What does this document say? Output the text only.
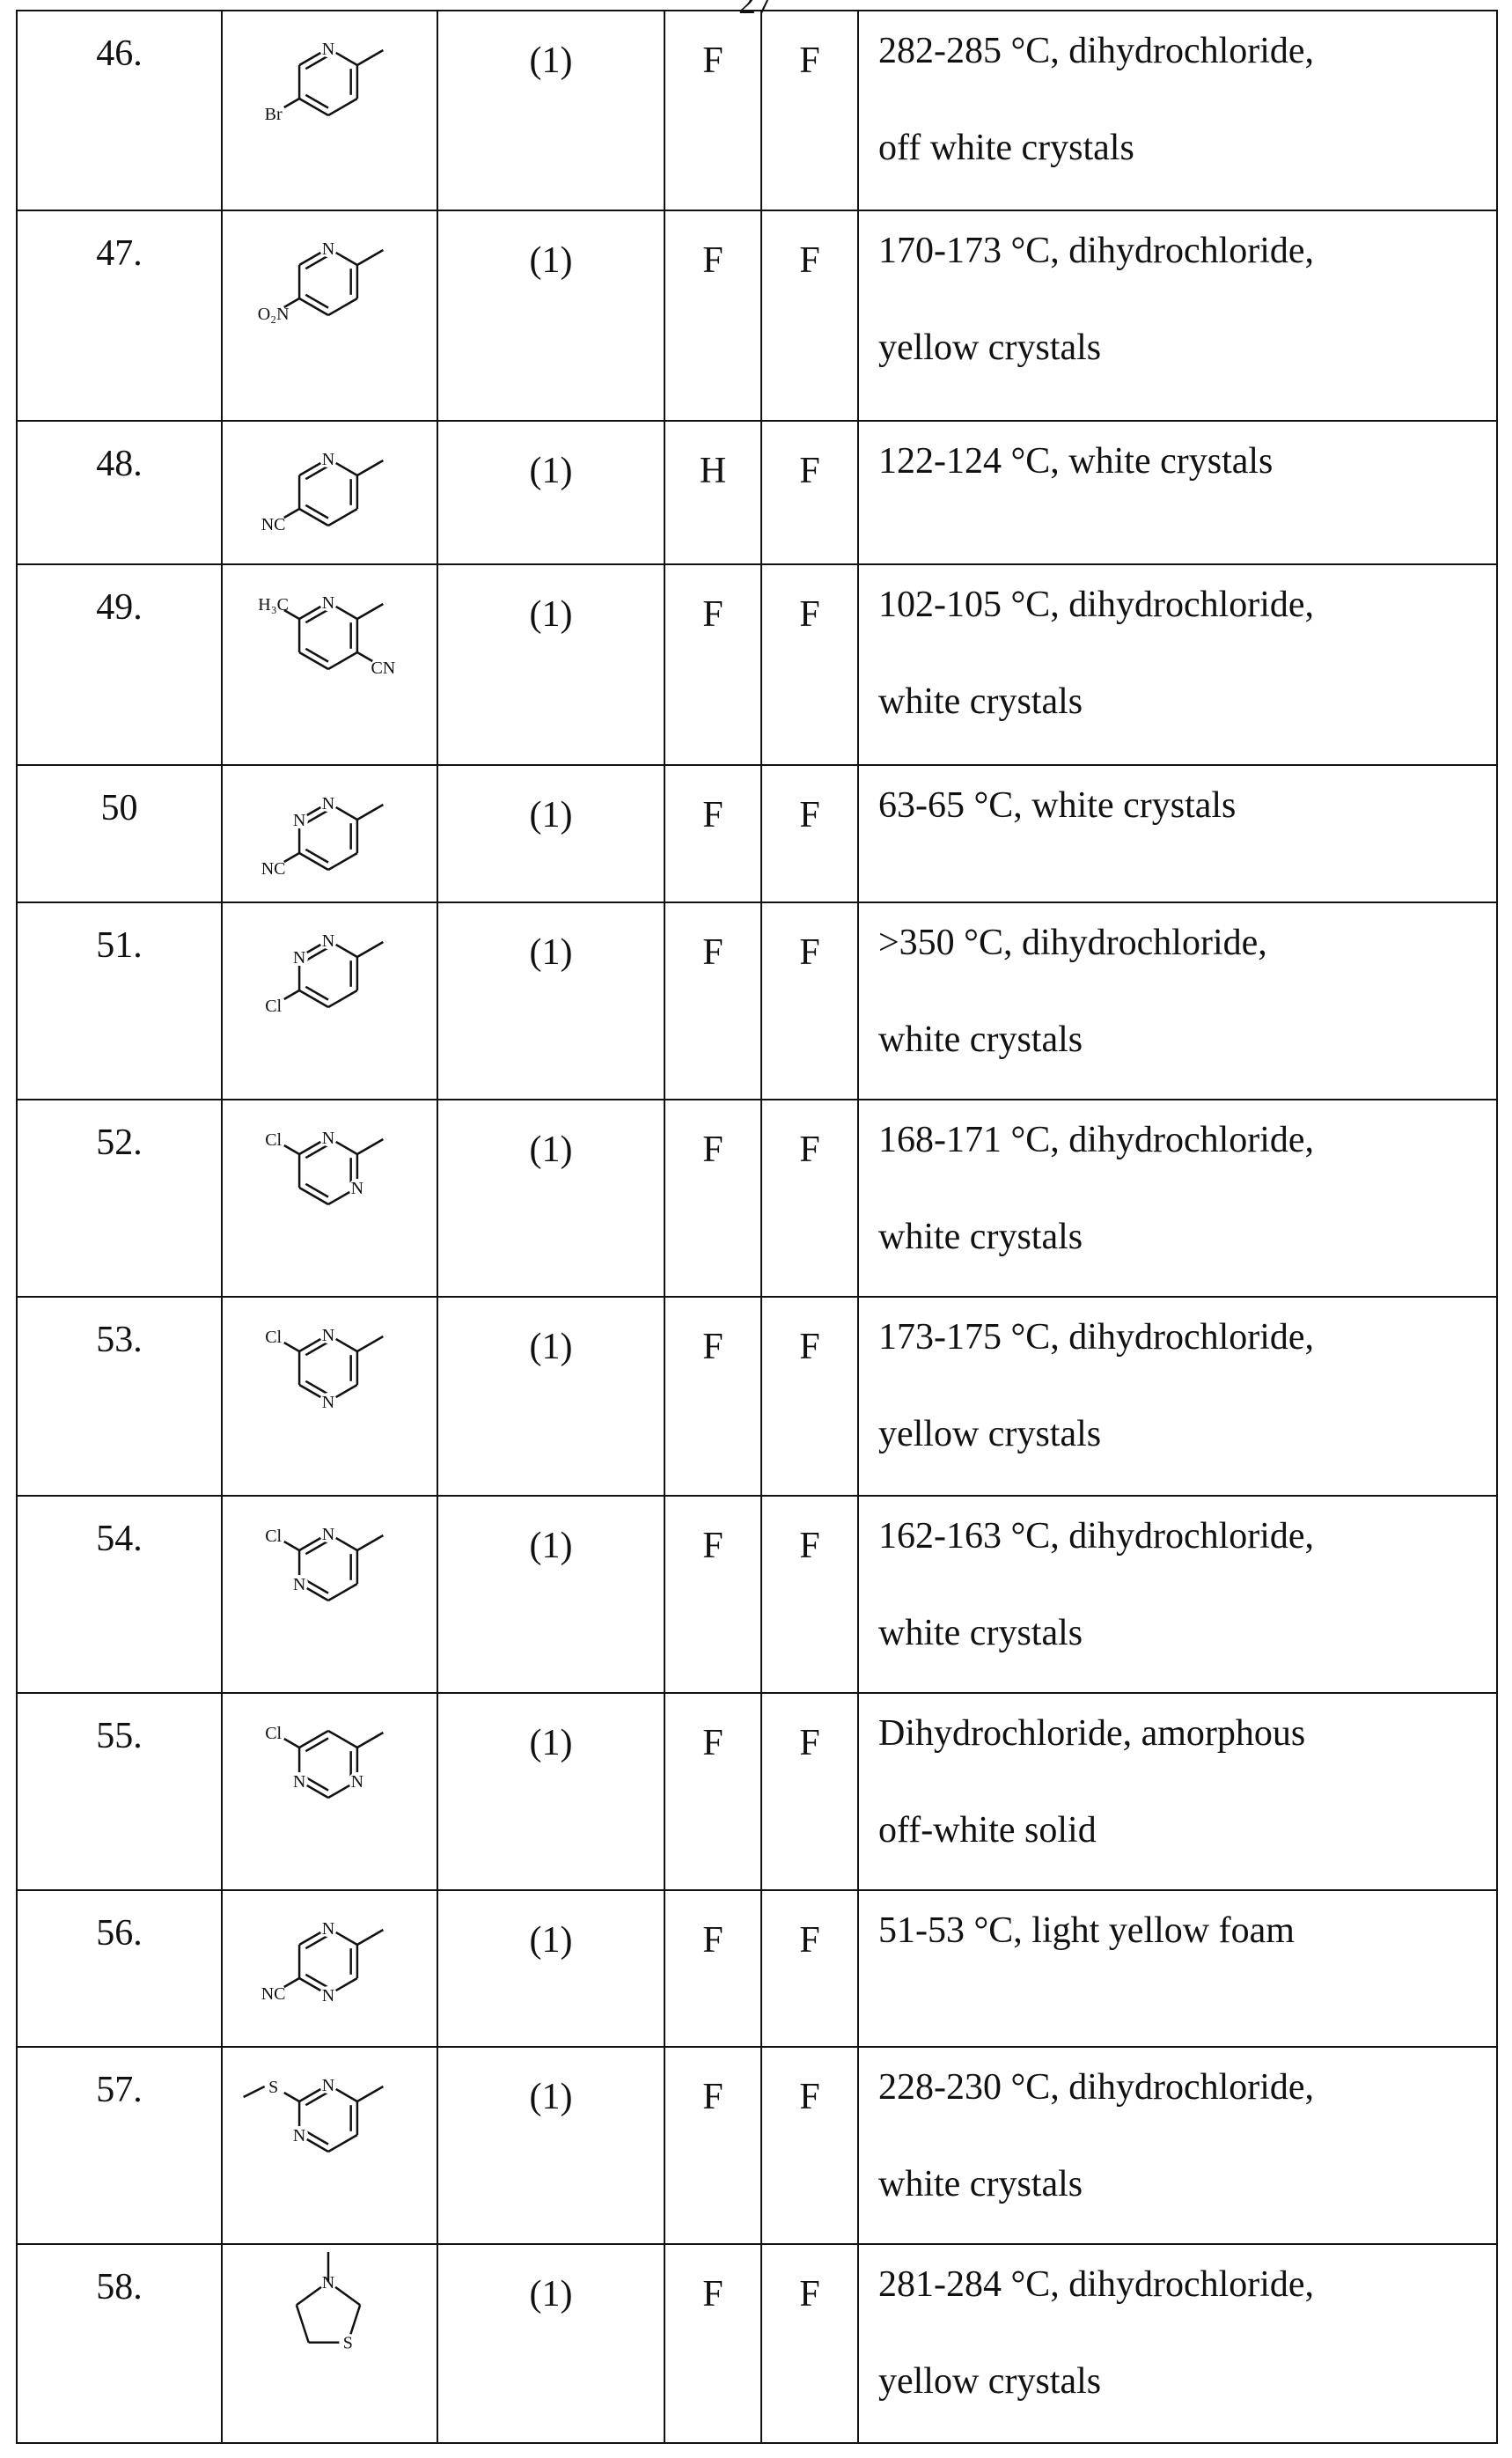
27
46.	N
Br
	(1)	F	F	282-285 °C, dihydrochloride,
off white crystals

47.	N
O₂N
	(1)	F	F	170-173 °C, dihydrochloride,
yellow crystals

48.	N
NC
	(1)	H	F	122-124 °C, white crystals

49.	N
CN
H₃C	(1)	F	F	102-105 °C, dihydrochloride,
white crystals

50	N
N
NC
	(1)	F	F	63-65 °C, white crystals

51.	N
N
Cl
	(1)	F	F	>350 °C, dihydrochloride,
white crystals

52.	N
N
Cl	(1)	F	F	168-171 °C, dihydrochloride,
white crystals

53.	N
N
Cl	(1)	F	F	173-175 °C, dihydrochloride,
yellow crystals

54.	N
N
Cl	(1)	F	F	162-163 °C, dihydrochloride,
white crystals

55.	
N
N
Cl	(1)	F	F	Dihydrochloride, amorphous
off-white solid

56.	N
N
NC
	(1)	F	F	51-53 °C, light yellow foam

57.	N
N
S	(1)	F	F	228-230 °C, dihydrochloride,
white crystals

58.	N
S
	(1)	F	F	281-284 °C, dihydrochloride,
yellow crystals
